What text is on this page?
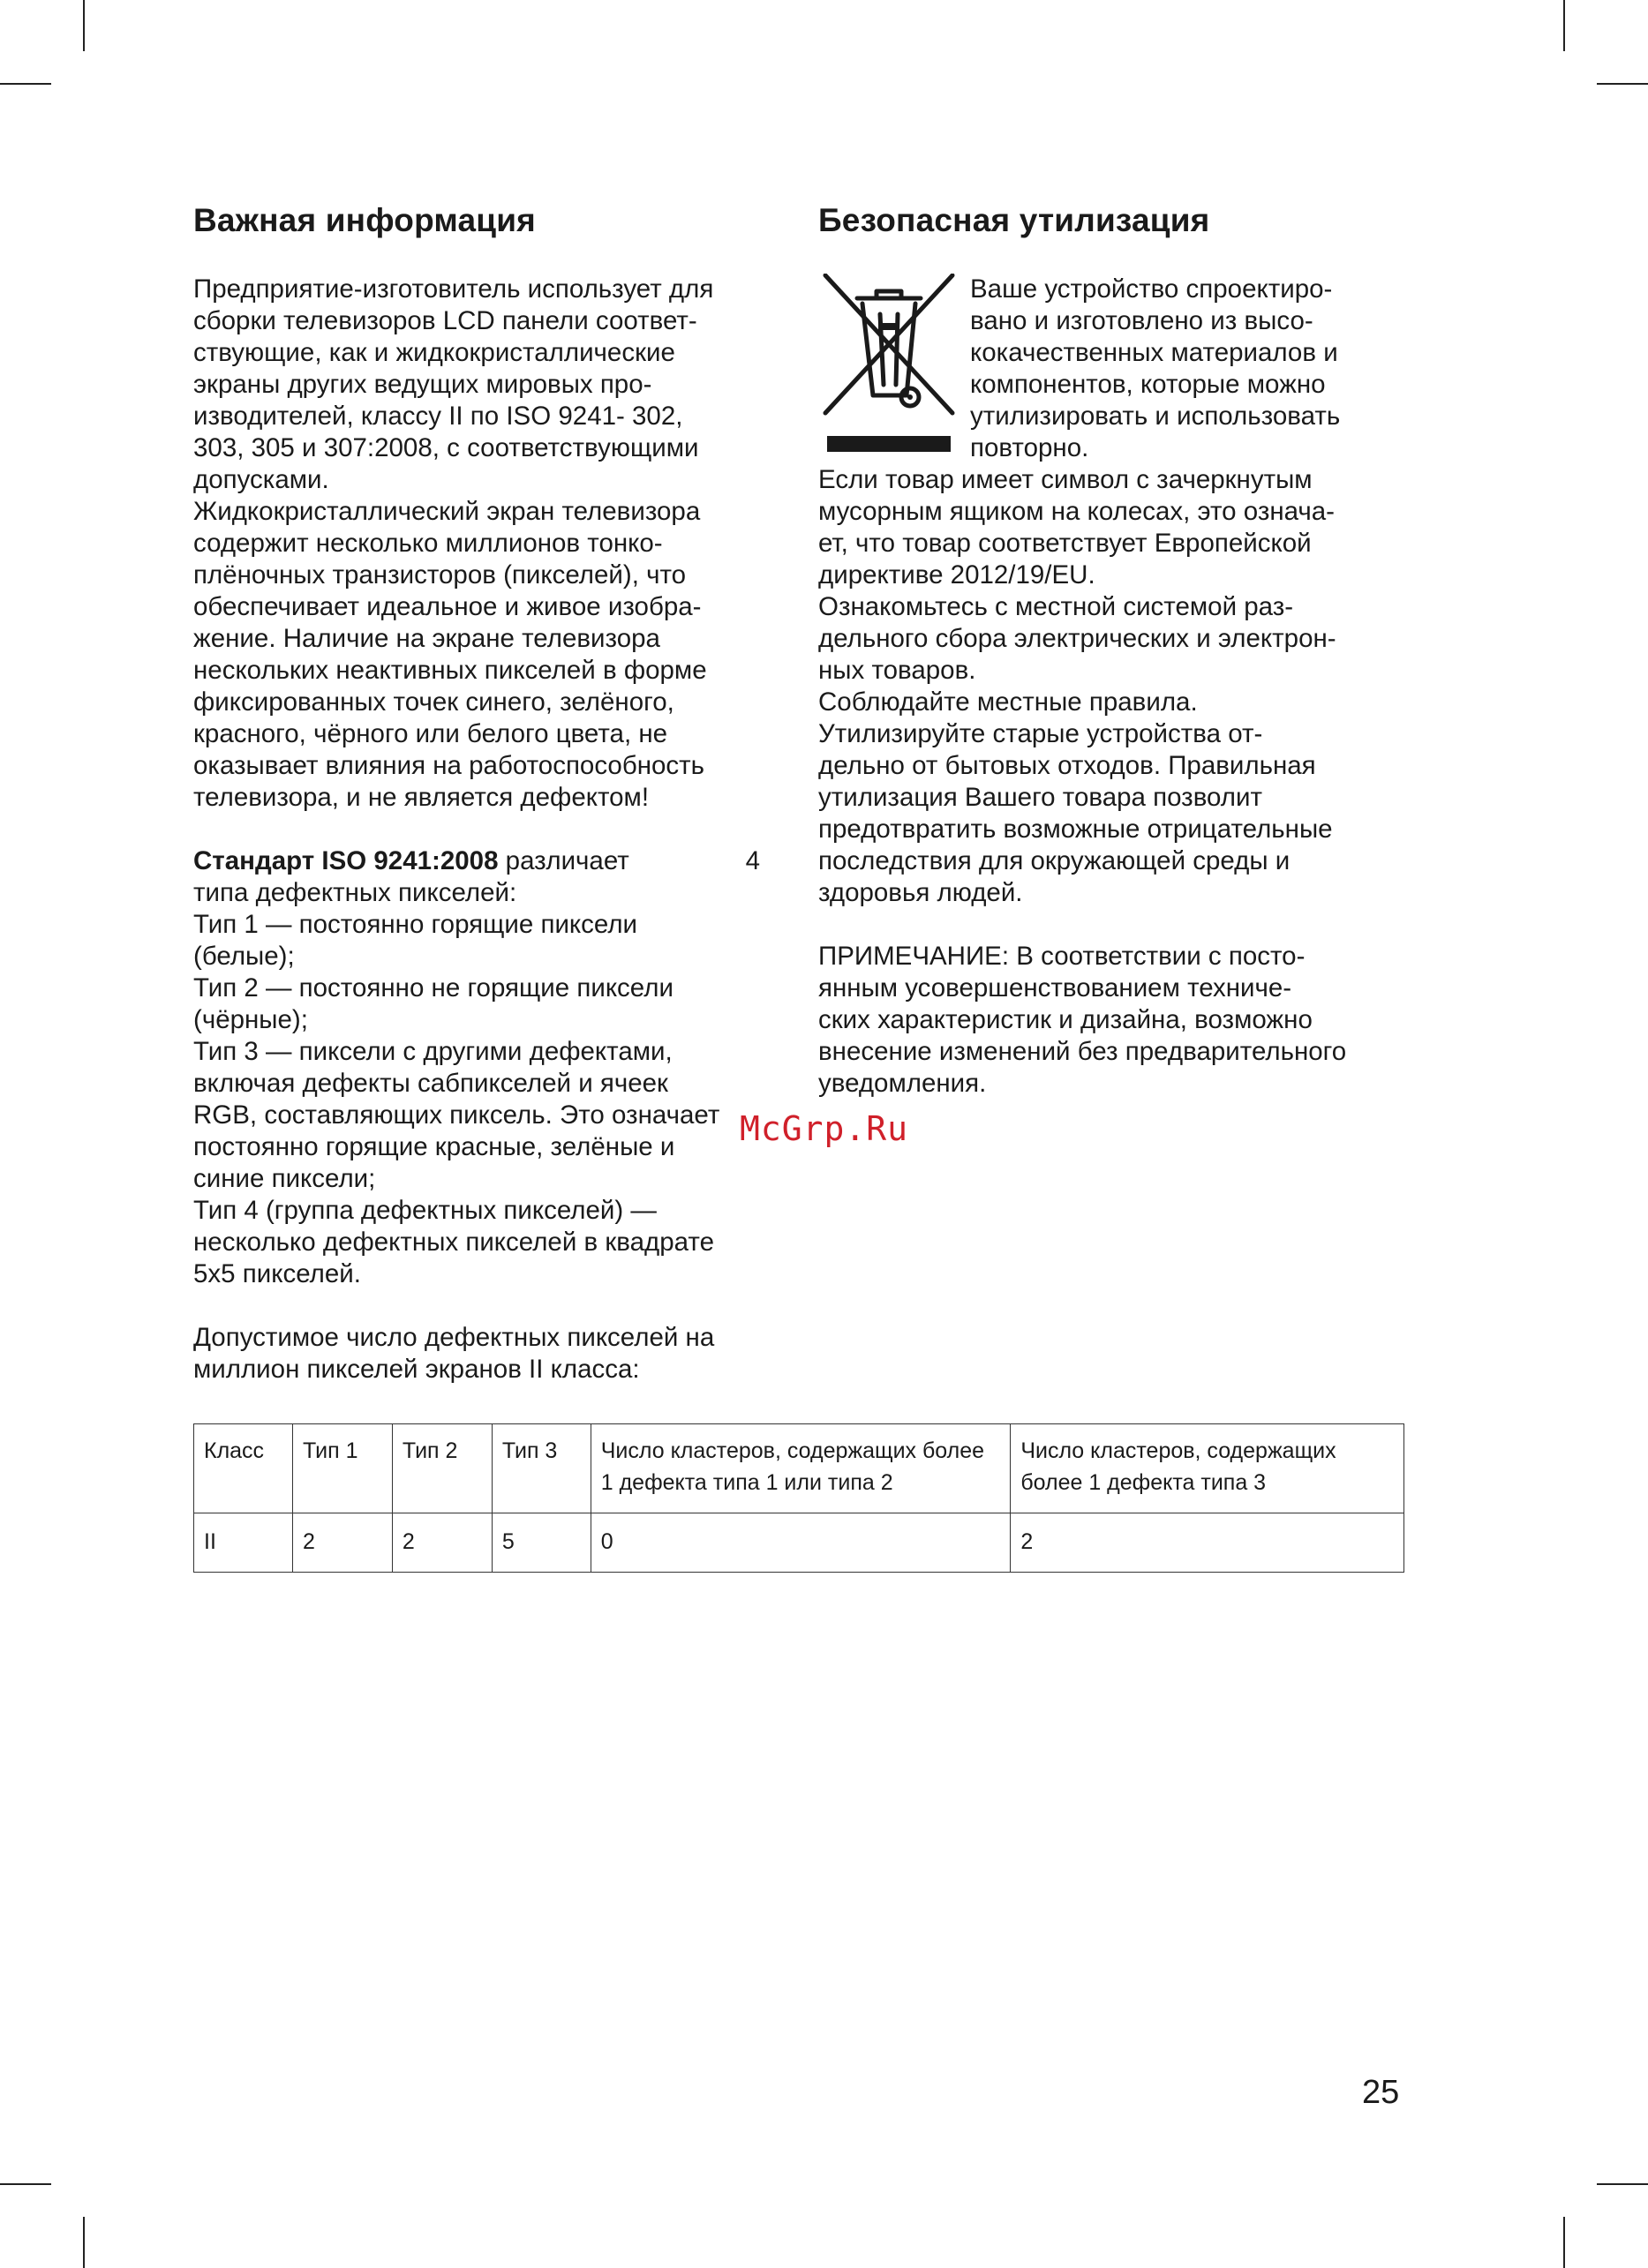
Важная информация

Предприятие-изготовитель использует для

сборки телевизоров LCD панели соответ-

ствующие, как и жидкокристаллические

экраны других ведущих мировых про-

изводителей, классу II по ISO 9241- 302,

303, 305 и 307:2008, с соответствующими

допусками.

Жидкокристаллический экран телевизора

содержит несколько миллионов тонко-

плёночных транзисторов (пикселей), что

обеспечивает идеальное и живое изобра-

жение. Наличие на экране телевизора

нескольких неактивных пикселей в форме

фиксированных точек синего, зелёного,

красного, чёрного или белого цвета, не

оказывает влияния на работоспособность

телевизора, и не является дефектом!

Стандарт ISO 9241:2008 различает	4

типа дефектных пикселей:

Тип 1 — постоянно горящие пиксели

(белые);

Тип 2 — постоянно не горящие пиксели

(чёрные);

Тип 3 — пиксели с другими дефектами,

включая дефекты сабпикселей и ячеек

RGB, составляющих пиксель. Это означает

постоянно горящие красные, зелёные и

синие пиксели;

Тип 4 (группа дефектных пикселей) —

несколько дефектных пикселей в квадрате

5х5 пикселей.

Допустимое число дефектных пикселей на

миллион пикселей экранов II класса:

Безопасная утилизация

Ваше устройство спроектиро-

вано и изготовлено из высо-

кокачественных материалов и

компонентов, которые можно

утилизировать и использовать

повторно.

Если товар имеет символ с зачеркнутым

мусорным ящиком на колесах, это означа-

ет, что товар соответствует Европейской

директиве 2012/19/EU.

Ознакомьтесь с местной системой раз-

дельного сбора электрических и электрон-

ных товаров.

Соблюдайте местные правила.

Утилизируйте старые устройства от-

дельно от бытовых отходов. Правильная

утилизация Вашего товара позволит

предотвратить возможные отрицательные

последствия для окружающей среды и

здоровья людей.

ПРИМЕЧАНИЕ: В соответствии с посто-

янным усовершенствованием техниче-

ских характеристик и дизайна, возможно

внесение изменений без предварительного

уведомления.

Класс	Тип 1	Тип 2	Тип 3	Число кластеров, содержащих более 1 дефекта типа 1 или типа 2	Число кластеров, содержащих более 1 дефекта типа 3
II	2	2	5	0	2
McGrp.Ru
25
